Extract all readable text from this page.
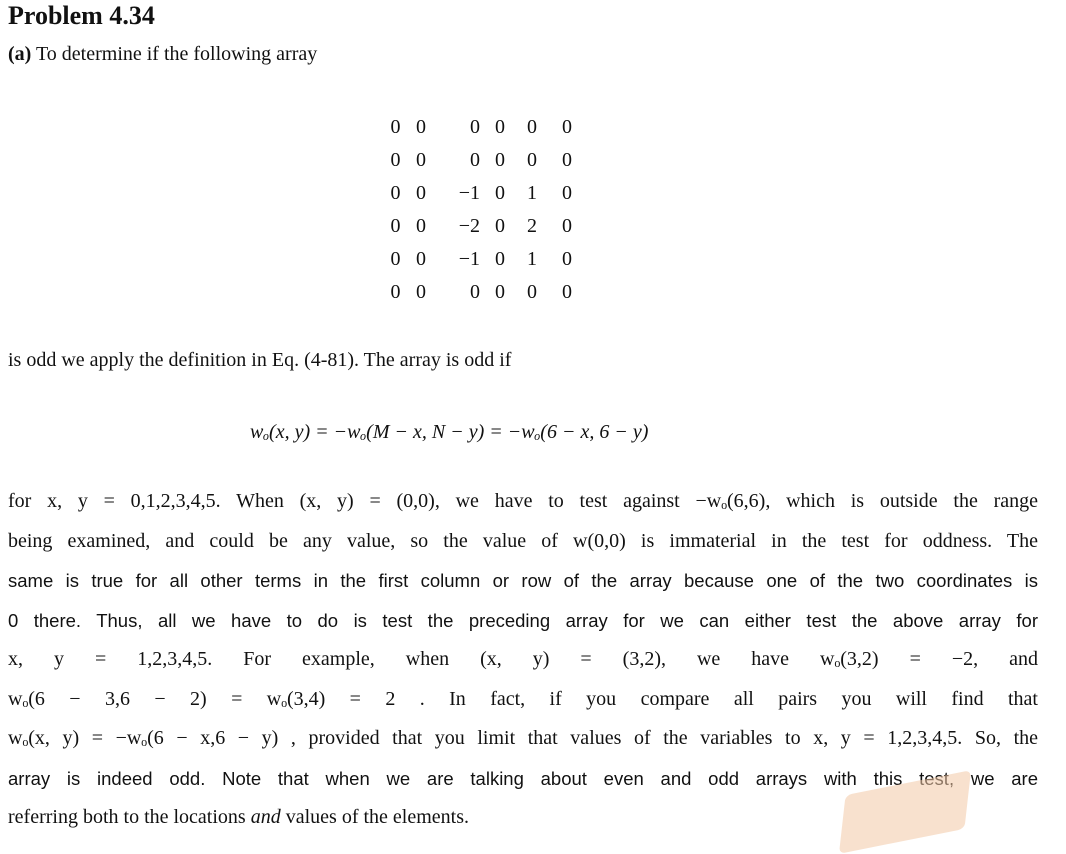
Problem 4.34
(a) To determine if the following array
0	0	0	0	0	0
0	0	0	0	0	0
0	0	−1	0	1	0
0	0	−2	0	2	0
0	0	−1	0	1	0
0	0	0	0	0	0
is odd we apply the definition in Eq. (4-81). The array is odd if
wₒ(x, y) = −wₒ(M − x, N − y) = −wₒ(6 − x, 6 − y)
for x, y = 0,1,2,3,4,5. When (x, y) = (0,0), we have to test against −wₒ(6,6), which is outside the range
being examined, and could be any value, so the value of w(0,0) is immaterial in the test for oddness. The
same is true for all other terms in the first column or row of the array because one of the two coordinates is
0 there. Thus, all we have to do is test the preceding array for we can either test the above array for
x, y = 1,2,3,4,5. For example, when (x, y) = (3,2), we have wₒ(3,2) = −2, and
wₒ(6 − 3,6 − 2) = wₒ(3,4) = 2 . In fact, if you compare all pairs you will find that
wₒ(x, y) = −wₒ(6 − x,6 − y) , provided that you limit that values of the variables to x, y = 1,2,3,4,5. So, the
array is indeed odd. Note that when we are talking about even and odd arrays with this test, we are
referring both to the locations and values of the elements.
